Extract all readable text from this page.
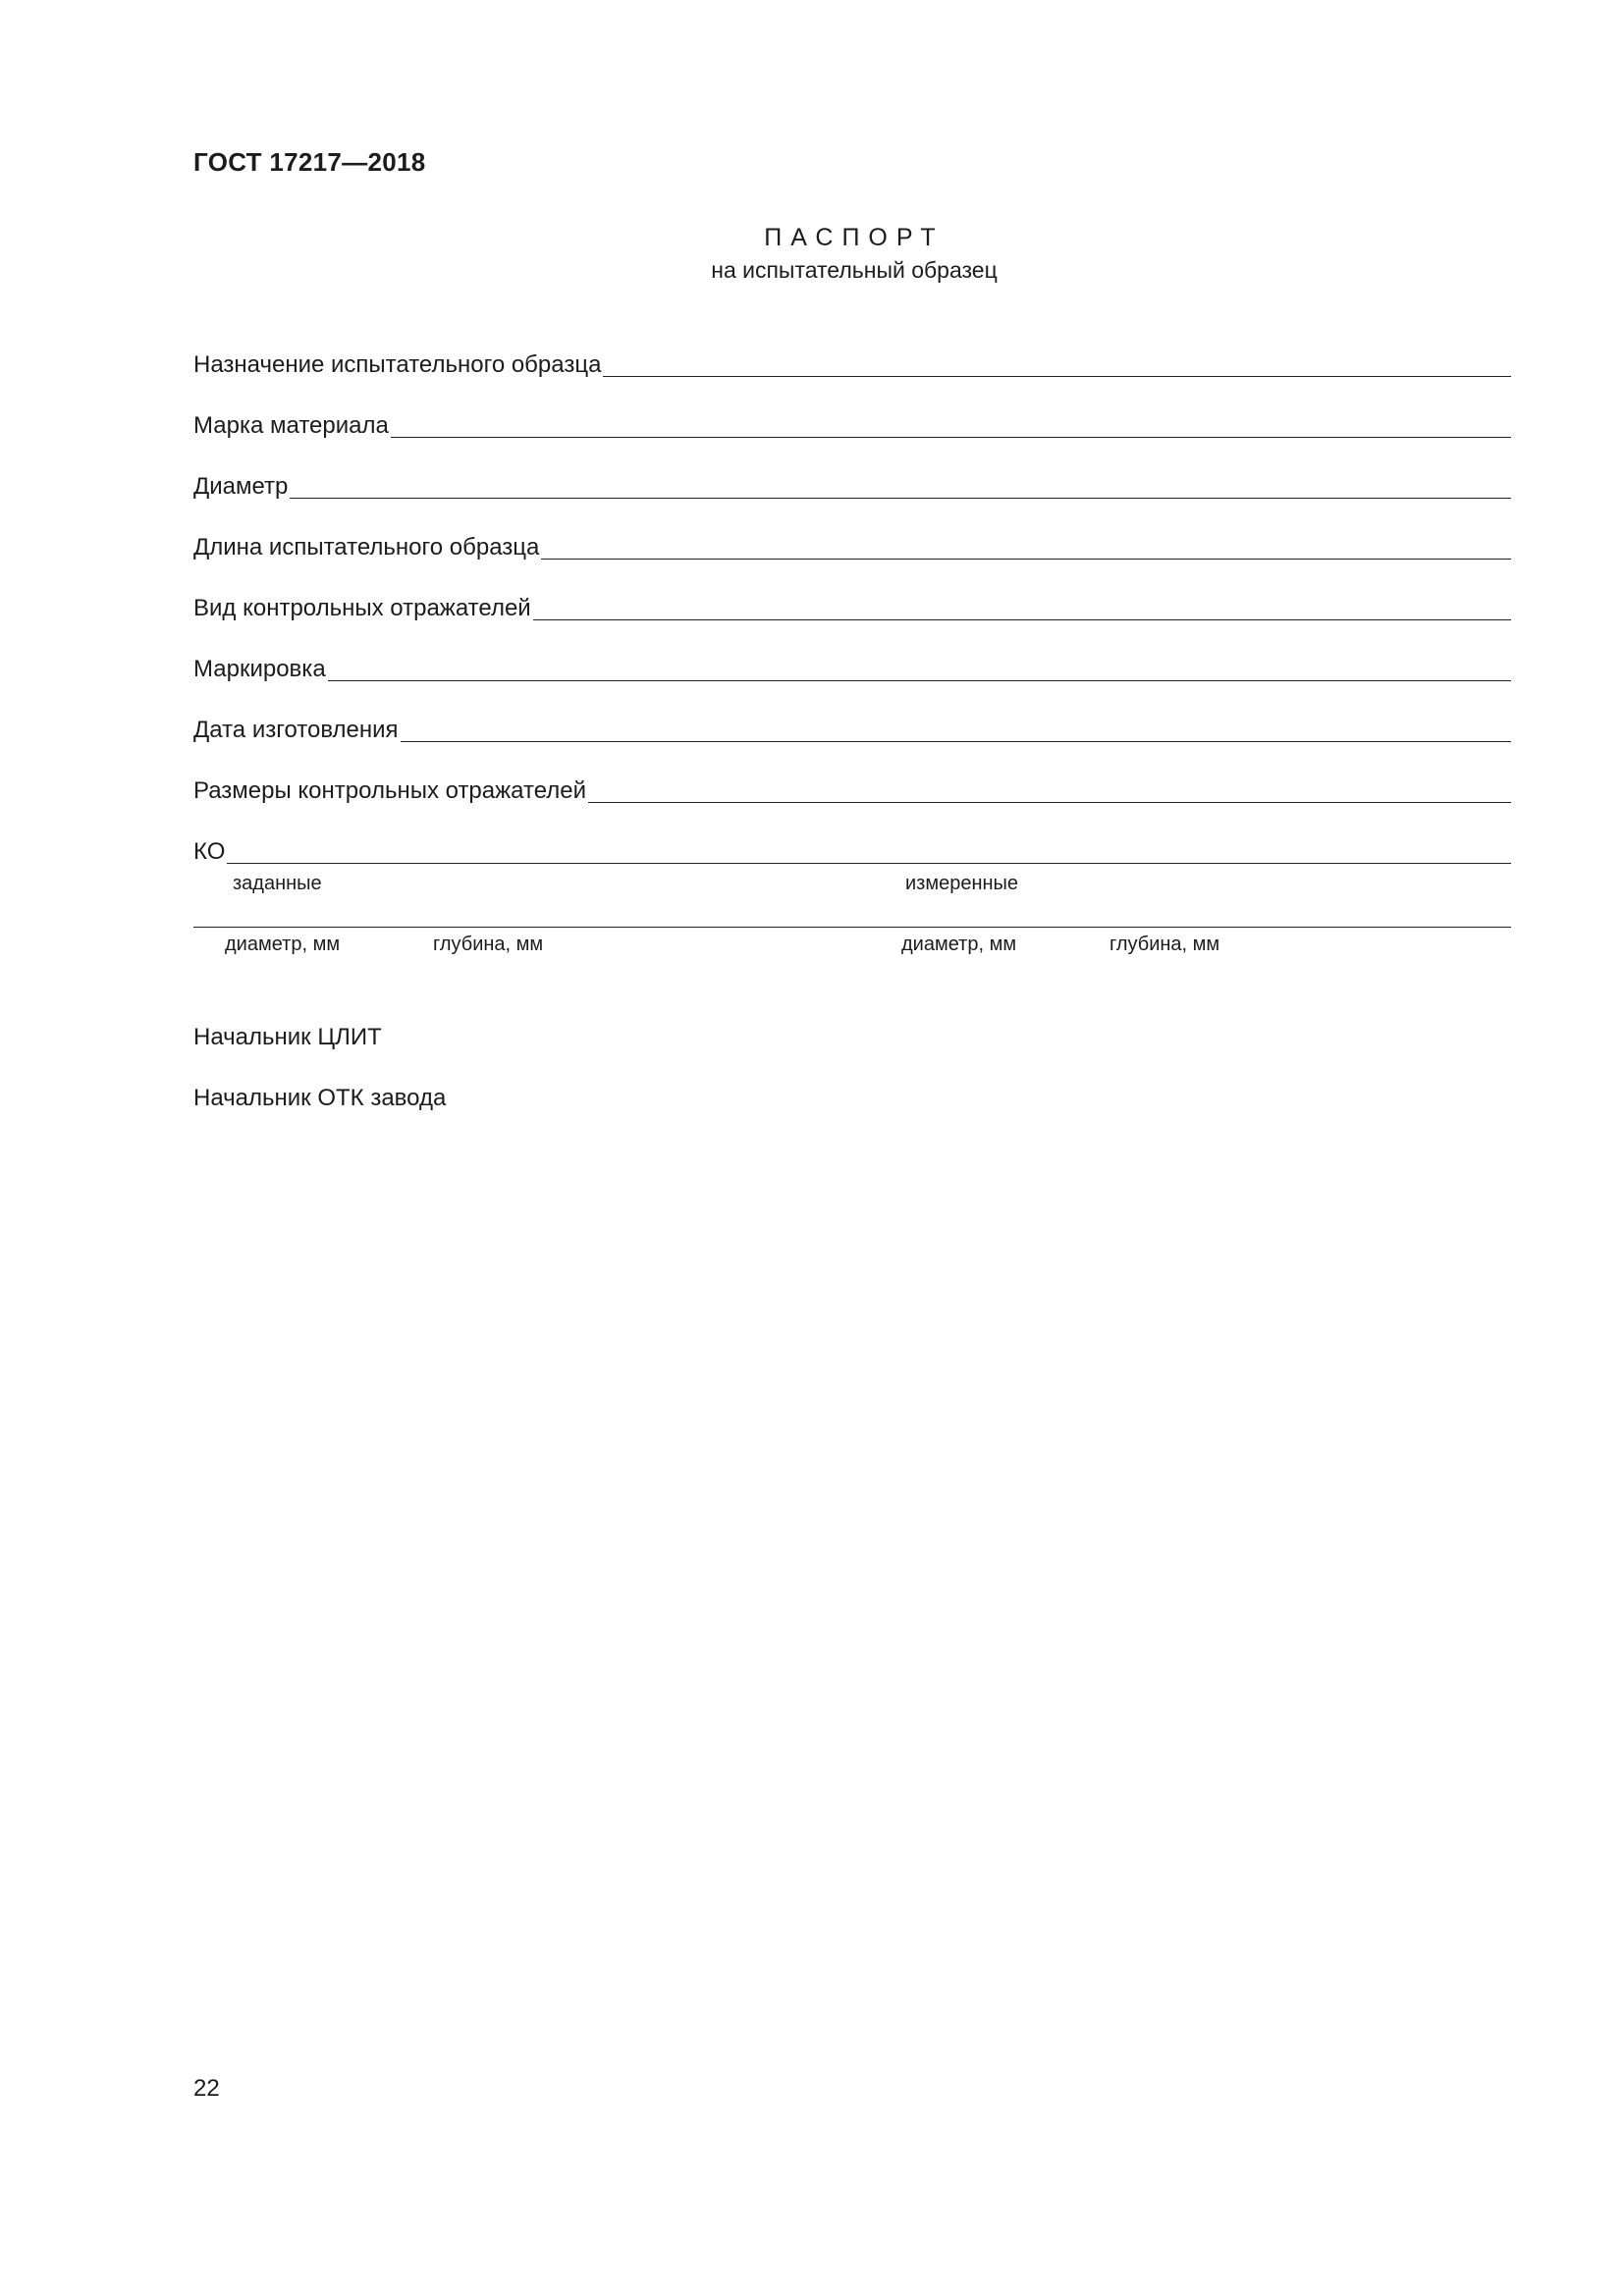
ГОСТ 17217—2018
ПАСПОРТ
на испытательный образец
Назначение испытательного образца
Марка материала
Диаметр
Длина испытательного образца
Вид контрольных отражателей
Маркировка
Дата изготовления
Размеры контрольных отражателей
КО
заданные	измеренные
диаметр, мм	глубина, мм	диаметр, мм	глубина, мм
Начальник ЦЛИТ
Начальник ОТК завода
22
